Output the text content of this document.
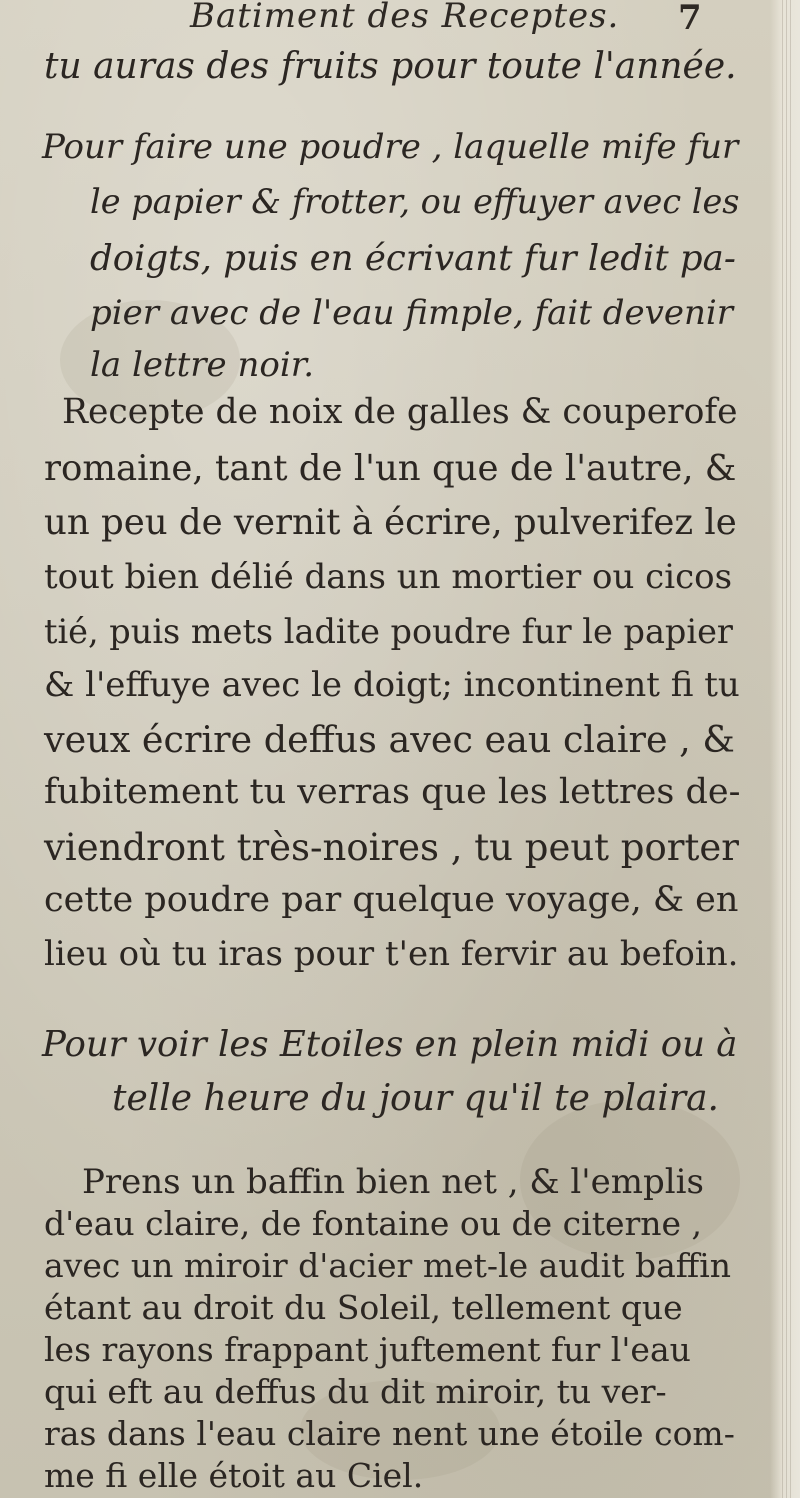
Batiment des Receptes. 7
tu auras des fruits pour toute l'année.
Pour faire une poudre , laquelle mife fur
le papier & frotter, ou effuyer avec les
doigts, puis en écrivant fur ledit pa-
pier avec de l'eau fimple, fait devenir
la lettre noir.
Recepte de noix de galles & couperofe
romaine, tant de l'un que de l'autre, &
un peu de vernit à écrire, pulverifez le
tout bien délié dans un mortier ou cicos
tié, puis mets ladite poudre fur le papier
& l'effuye avec le doigt; incontinent fi tu
veux écrire deffus avec eau claire , &
fubitement tu verras que les lettres de-
viendront très-noires , tu peut porter
cette poudre par quelque voyage, & en
lieu où tu iras pour t'en fervir au befoin.
Pour voir les Etoiles en plein midi ou à
telle heure du jour qu'il te plaira.
Prens un baffin bien net , & l'emplis
d'eau claire, de fontaine ou de citerne ,
avec un miroir d'acier met-le audit baffin
étant au droit du Soleil, tellement que
les rayons frappant juftement fur l'eau
qui eft au deffus du dit miroir, tu ver-
ras dans l'eau claire nent une étoile com-
me fi elle étoit au Ciel.
